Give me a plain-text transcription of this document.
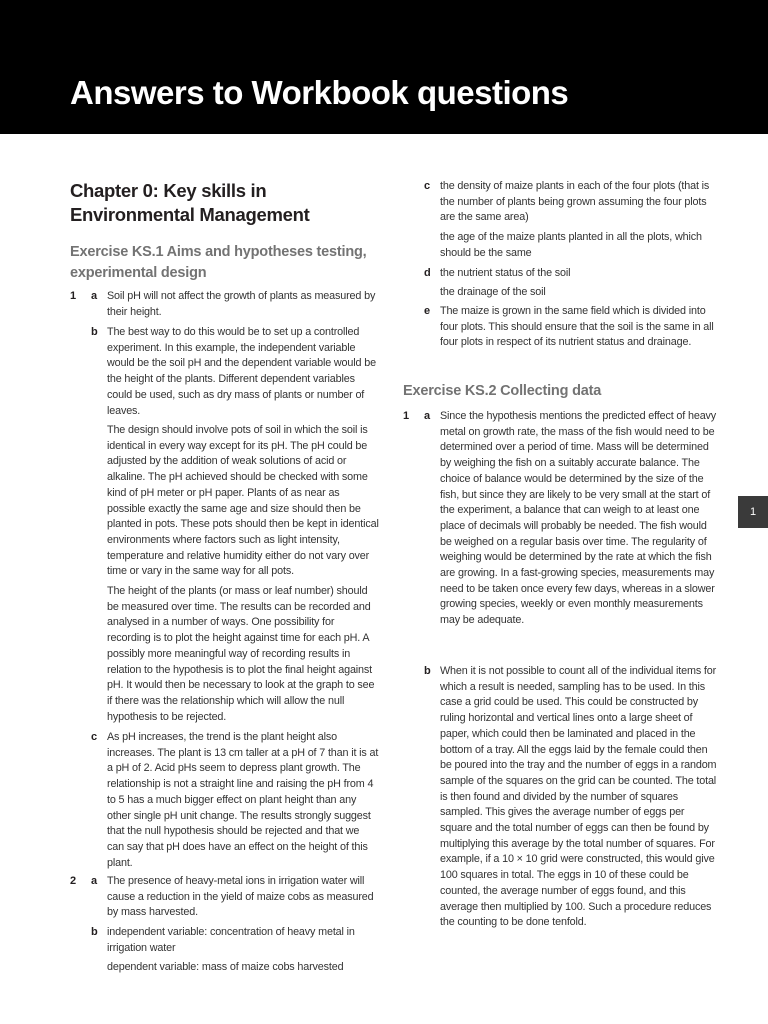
Answers to Workbook questions
1
Chapter 0: Key skills in Environmental Management
Exercise KS.1 Aims and hypotheses testing, experimental design
1 a Soil pH will not affect the growth of plants as measured by their height.

b The best way to do this would be to set up a controlled experiment. In this example, the independent variable would be the soil pH and the dependent variable would be the height of the plants. Different dependent variables could be used, such as dry mass of plants or number of leaves.

The design should involve pots of soil in which the soil is identical in every way except for its pH. The pH could be adjusted by the addition of weak solutions of acid or alkaline. The pH achieved should be checked with some kind of pH meter or pH paper. Plants of as near as possible exactly the same age and size should then be planted in pots. These pots should then be kept in identical environments where factors such as light intensity, temperature and relative humidity either do not vary over time or vary in the same way for all pots.

The height of the plants (or mass or leaf number) should be measured over time. The results can be recorded and analysed in a number of ways. One possibility for recording is to plot the height against time for each pH. A possibly more meaningful way of recording results in relation to the hypothesis is to plot the final height against pH. It would then be necessary to look at the graph to see if there was the relationship which will allow the null hypothesis to be rejected.

c As pH increases, the trend is the plant height also increases. The plant is 13 cm taller at a pH of 7 than it is at a pH of 2. Acid pHs seem to depress plant growth. The relationship is not a straight line and raising the pH from 4 to 5 has a much bigger effect on plant height than any other single pH unit change. The results strongly suggest that the null hypothesis should be rejected and that we can say that pH does have an effect on the height of this plant.

2 a The presence of heavy-metal ions in irrigation water will cause a reduction in the yield of maize cobs as measured by mass harvested.

b independent variable: concentration of heavy metal in irrigation water

dependent variable: mass of maize cobs harvested

c the density of maize plants in each of the four plots (that is the number of plants being grown assuming the four plots are the same area)

the age of the maize plants planted in all the plots, which should be the same

d the nutrient status of the soil

the drainage of the soil

e The maize is grown in the same field which is divided into four plots. This should ensure that the soil is the same in all four plots in respect of its nutrient status and drainage.

Exercise KS.2 Collecting data
1 a Since the hypothesis mentions the predicted effect of heavy metal on growth rate, the mass of the fish would need to be determined over a period of time. Mass will be determined by weighing the fish on a suitably accurate balance. The choice of balance would be determined by the size of the fish, but since they are likely to be very small at the start of the experiment, a balance that can weigh to at least one place of decimals will probably be needed. The fish would be weighed on a regular basis over time. The regularity of weighing would be determined by the rate at which the fish are growing. In a fast-growing species, measurements may need to be taken once every few days, whereas in a slower growing species, weekly or even monthly measurements may be adequate.

b When it is not possible to count all of the individual items for which a result is needed, sampling has to be used. In this case a grid could be used. This could be constructed by ruling horizontal and vertical lines onto a large sheet of paper, which could then be laminated and placed in the bottom of a tray. All the eggs laid by the female could then be poured into the tray and the number of eggs in a random sample of the squares on the grid can be counted. The total is then found and divided by the number of squares sampled. This gives the average number of eggs per square and the total number of eggs can then be found by multiplying this average by the total number of squares. For example, if a 10 × 10 grid were constructed, this would give 100 squares in total. The eggs in 10 of these could be counted, the average number of eggs found, and this average then multiplied by 100. Such a procedure reduces the counting to be done tenfold.
